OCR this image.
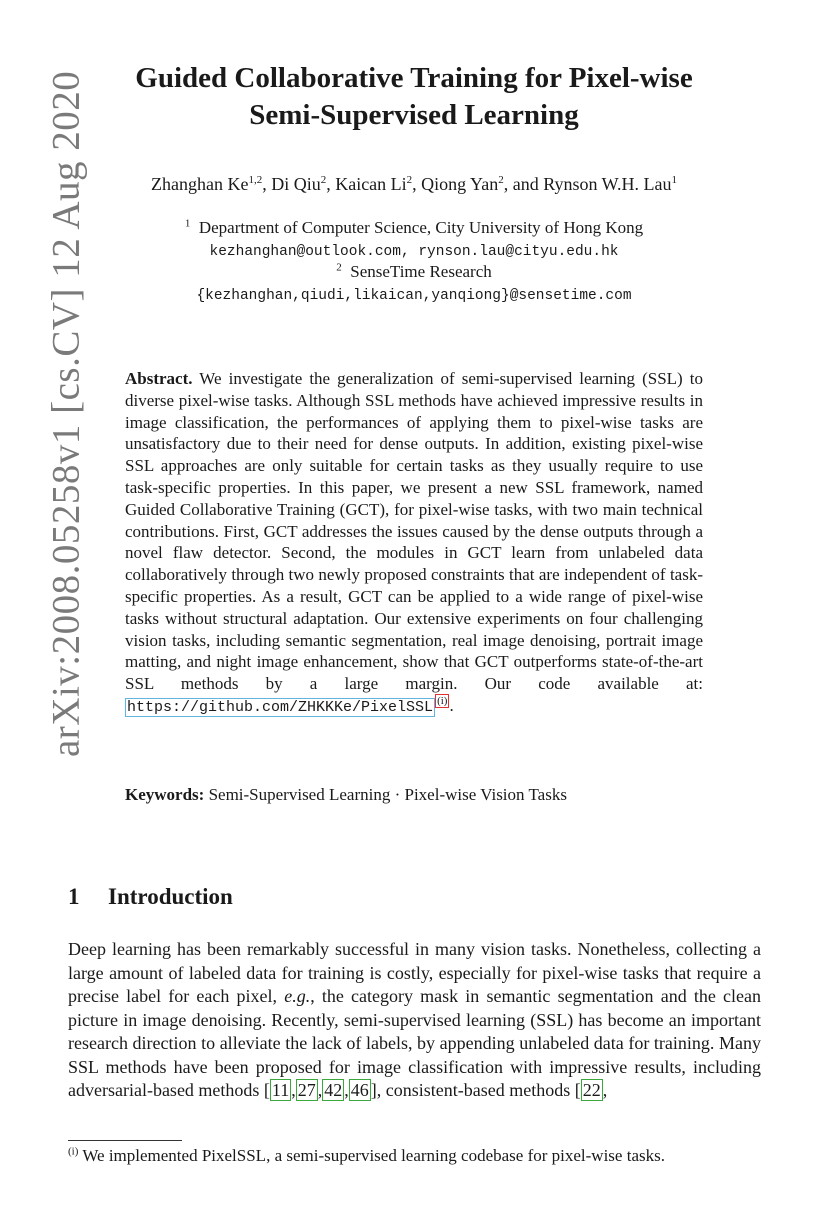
arXiv:2008.05258v1 [cs.CV] 12 Aug 2020	Guided Collaborative Training for Pixel-wise
Semi-Supervised Learning
Zhanghan Ke$^{1,2}$, Di Qiu$^2$, Kaican Li$^2$, Qiong Yan$^2$, and Rynson W.H. Lau$^1$
$^1$ Department of Computer Science, City University of Hong Kong
kezhanghan@outlook.com, rynson.lau@cityu.edu.hk
$^2$ SenseTime Research
{kezhanghan,qiudi,likaican,yanqiong}@sensetime.com
Abstract. We investigate the generalization of semi-supervised learning (SSL) to diverse pixel-wise tasks. Although SSL methods have achieved impressive results in image classification, the performances of applying them to pixel-wise tasks are unsatisfactory due to their need for dense outputs. In addition, existing pixel-wise SSL approaches are only suitable for certain tasks as they usually require to use task-specific properties. In this paper, we present a new SSL framework, named Guided Collaborative Training (GCT), for pixel-wise tasks, with two main technical contributions. First, GCT addresses the issues caused by the dense outputs through a novel flaw detector. Second, the modules in GCT learn from unlabeled data collaboratively through two newly proposed constraints that are independent of task-specific properties. As a result, GCT can be applied to a wide range of pixel-wise tasks without structural adaptation. Our extensive experiments on four challenging vision tasks, including semantic segmentation, real image denoising, portrait image matting, and night image enhancement, show that GCT outperforms state-of-the-art SSL methods by a large margin. Our code available at: https://github.com/ZHKKKe/PixelSSL $^{(i)}$ .
Keywords: Semi-Supervised Learning · Pixel-wise Vision Tasks
1 Introduction
Deep learning has been remarkably successful in many vision tasks. Nonetheless, collecting a large amount of labeled data for training is costly, especially for pixel-wise tasks that require a precise label for each pixel, e.g., the category mask in semantic segmentation and the clean picture in image denoising. Recently, semi-supervised learning (SSL) has become an important research direction to alleviate the lack of labels, by appending unlabeled data for training. Many SSL methods have been proposed for image classification with impressive results, including adversarial-based methods [ 11 , 27 , 42 , 46 ], consistent-based methods [ 22 ,
$^{(i)}$ We implemented PixelSSL, a semi-supervised learning codebase for pixel-wise tasks.
